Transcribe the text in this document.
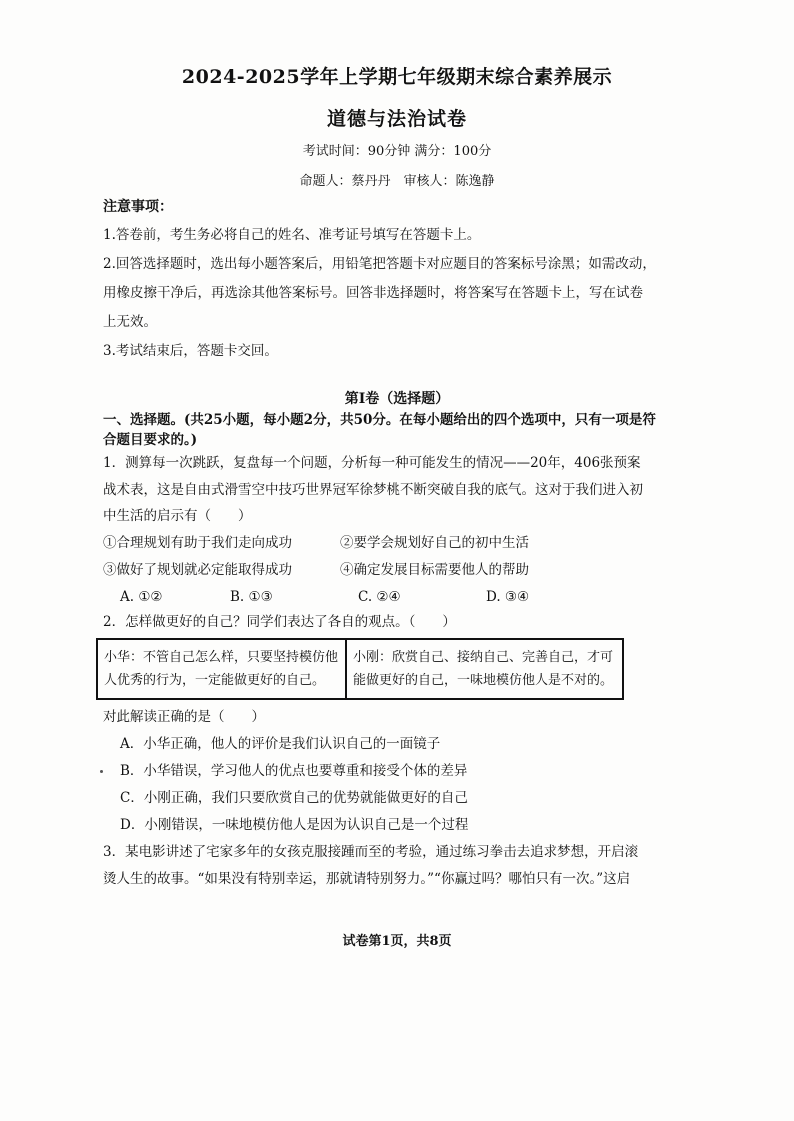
2024-2025学年上学期七年级期末综合素养展示
道德与法治试卷
考试时间：90分钟 满分：100分
命题人：蔡丹丹　审核人：陈逸静
注意事项：
1.答卷前，考生务必将自己的姓名、准考证号填写在答题卡上。
2.回答选择题时，选出每小题答案后，用铅笔把答题卡对应题目的答案标号涂黑；如需改动，
用橡皮擦干净后，再选涂其他答案标号。回答非选择题时，将答案写在答题卡上，写在试卷
上无效。
3.考试结束后，答题卡交回。
第Ⅰ卷（选择题）
一、选择题。(共25小题，每小题2分，共50分。在每小题给出的四个选项中，只有一项是符
合题目要求的。)
1．测算每一次跳跃，复盘每一个问题，分析每一种可能发生的情况——20年，406张预案
战术表，这是自由式滑雪空中技巧世界冠军徐梦桃不断突破自我的底气。这对于我们进入初
中生活的启示有（　　）
①合理规划有助于我们走向成功	②要学会规划好自己的初中生活
③做好了规划就必定能取得成功	④确定发展目标需要他人的帮助
A. ①②	B. ①③	C. ②④	D. ③④
2．怎样做更好的自己？同学们表达了各自的观点。（　　）
小华：不管自己怎么样，只要坚持模仿他
人优秀的行为，一定能做更好的自己。
小刚：欣赏自己、接纳自己、完善自己，才可
能做更好的自己，一味地模仿他人是不对的。
对此解读正确的是（　　）
A．小华正确，他人的评价是我们认识自己的一面镜子
B．小华错误，学习他人的优点也要尊重和接受个体的差异
C．小刚正确，我们只要欣赏自己的优势就能做更好的自己
D．小刚错误，一味地模仿他人是因为认识自己是一个过程
3．某电影讲述了宅家多年的女孩克服接踵而至的考验，通过练习拳击去追求梦想，开启滚
烫人生的故事。“如果没有特别幸运，那就请特别努力。”“你赢过吗？哪怕只有一次。”这启
试卷第1页，共8页
